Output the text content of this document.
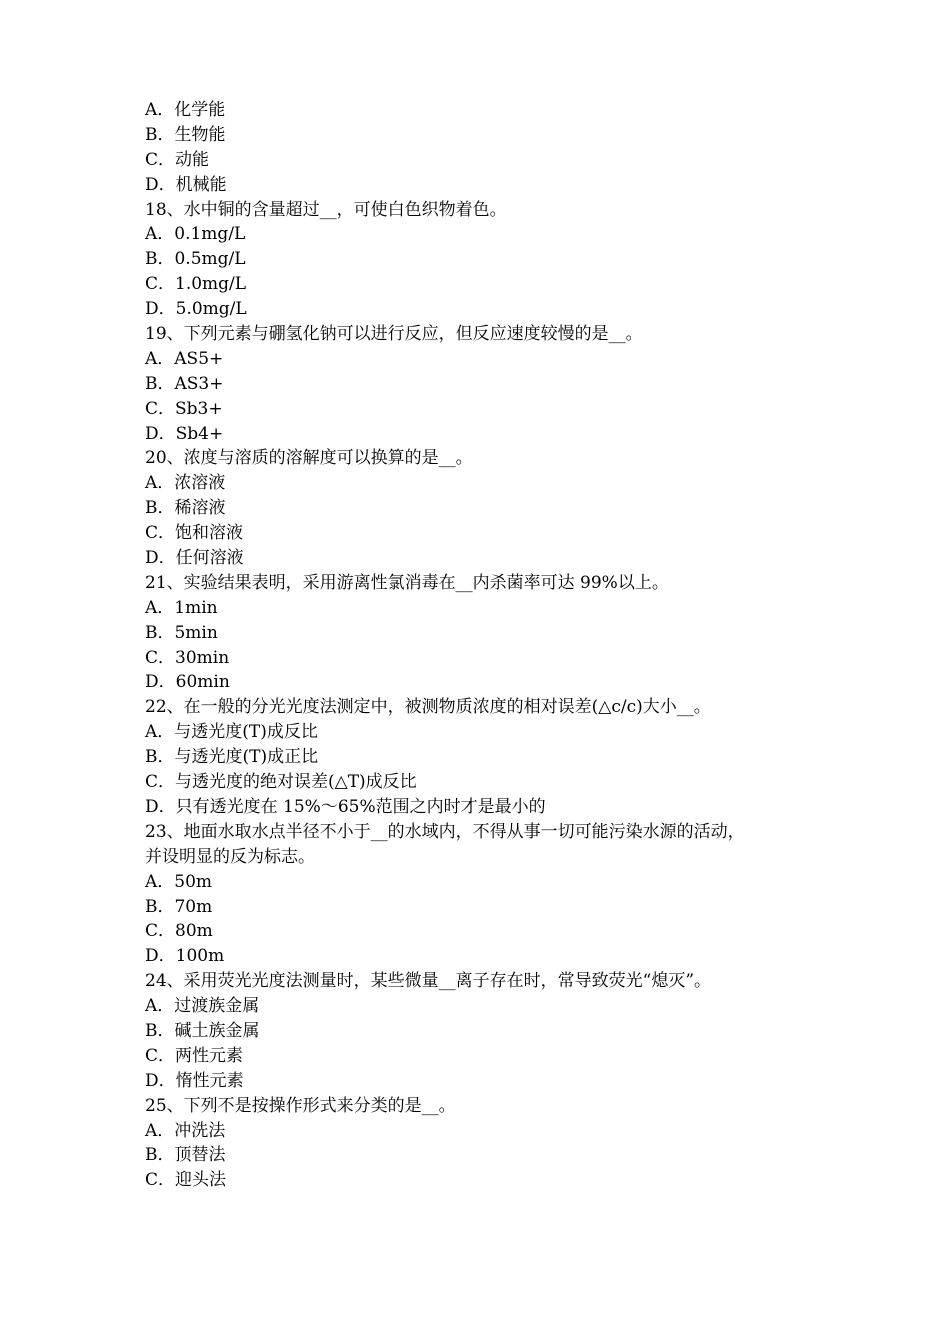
A．化学能
B．生物能
C．动能
D．机械能
18、水中铜的含量超过__，可使白色织物着色。
A．0.1mg/L
B．0.5mg/L
C．1.0mg/L
D．5.0mg/L
19、下列元素与硼氢化钠可以进行反应，但反应速度较慢的是__。
A．AS5+
B．AS3+
C．Sb3+
D．Sb4+
20、浓度与溶质的溶解度可以换算的是__。
A．浓溶液
B．稀溶液
C．饱和溶液
D．任何溶液
21、实验结果表明，采用游离性氯消毒在__内杀菌率可达 99%以上。
A．1min
B．5min
C．30min
D．60min
22、在一般的分光光度法测定中，被测物质浓度的相对误差(△c/c)大小__。
A．与透光度(T)成反比
B．与透光度(T)成正比
C．与透光度的绝对误差(△T)成反比
D．只有透光度在 15%～65%范围之内时才是最小的
23、地面水取水点半径不小于__的水域内，不得从事一切可能污染水源的活动，
并设明显的反为标志。
A．50m
B．70m
C．80m
D．100m
24、采用荧光光度法测量时，某些微量__离子存在时，常导致荧光“熄灭”。
A．过渡族金属
B．碱土族金属
C．两性元素
D．惰性元素
25、下列不是按操作形式来分类的是__。
A．冲洗法
B．顶替法
C．迎头法
